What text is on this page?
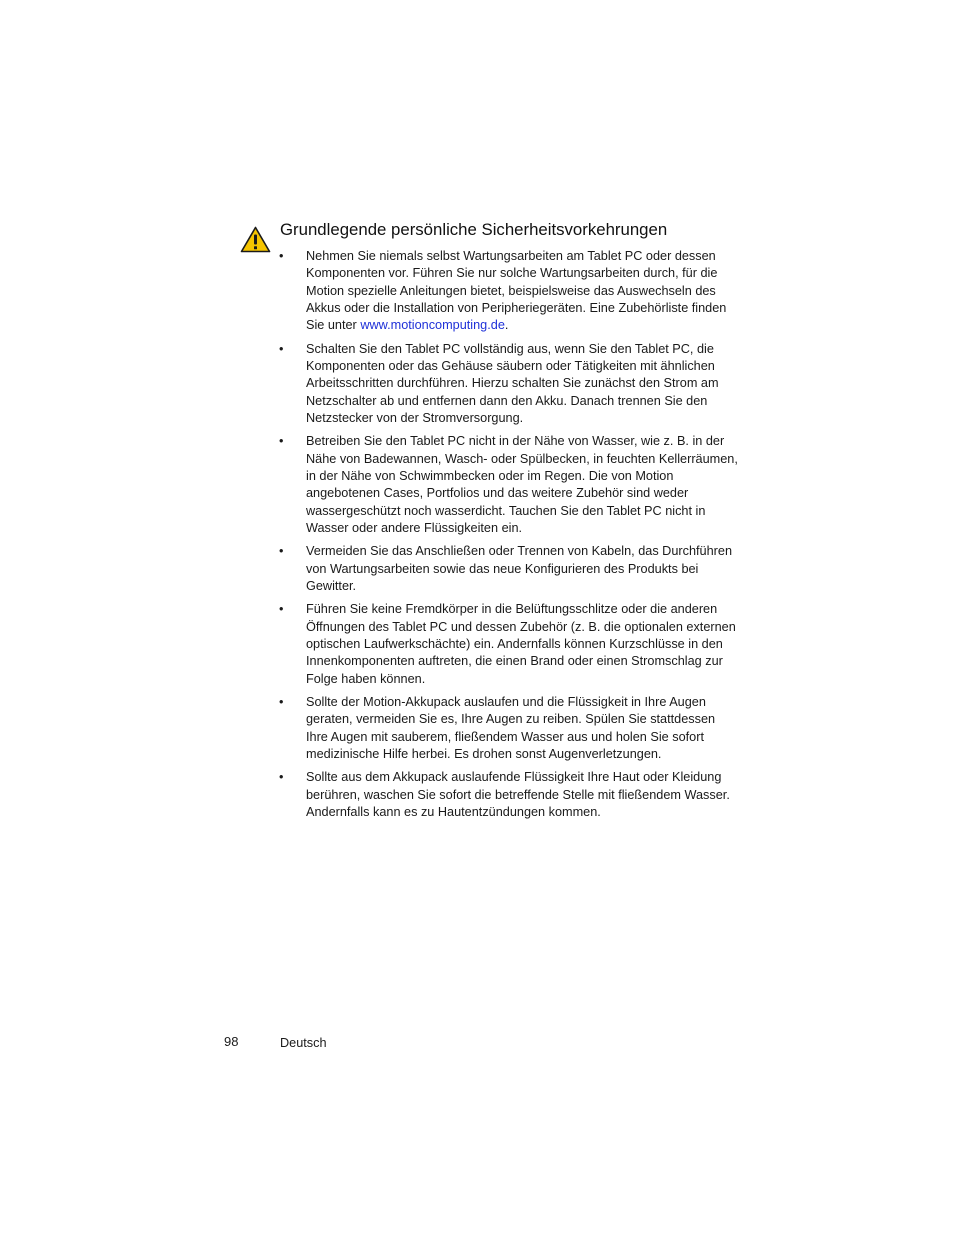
Grundlegende persönliche Sicherheitsvorkehrungen
• Nehmen Sie niemals selbst Wartungsarbeiten am Tablet PC oder dessen Komponenten vor. Führen Sie nur solche Wartungsarbeiten durch, für die Motion spezielle Anleitungen bietet, beispielsweise das Auswechseln des Akkus oder die Installation von Peripheriegeräten. Eine Zubehörliste finden Sie unter www.motioncomputing.de.
• Schalten Sie den Tablet PC vollständig aus, wenn Sie den Tablet PC, die Komponenten oder das Gehäuse säubern oder Tätigkeiten mit ähnlichen Arbeitsschritten durchführen. Hierzu schalten Sie zunächst den Strom am Netzschalter ab und entfernen dann den Akku. Danach trennen Sie den Netzstecker von der Stromversorgung.
• Betreiben Sie den Tablet PC nicht in der Nähe von Wasser, wie z. B. in der Nähe von Badewannen, Wasch- oder Spülbecken, in feuchten Kellerräumen, in der Nähe von Schwimmbecken oder im Regen. Die von Motion angebotenen Cases, Portfolios und das weitere Zubehör sind weder wassergeschützt noch wasserdicht. Tauchen Sie den Tablet PC nicht in Wasser oder andere Flüssigkeiten ein.
• Vermeiden Sie das Anschließen oder Trennen von Kabeln, das Durchführen von Wartungsarbeiten sowie das neue Konfigurieren des Produkts bei Gewitter.
• Führen Sie keine Fremdkörper in die Belüftungsschlitze oder die anderen Öffnungen des Tablet PC und dessen Zubehör (z. B. die optionalen externen optischen Laufwerkschächte) ein. Andernfalls können Kurzschlüsse in den Innenkomponenten auftreten, die einen Brand oder einen Stromschlag zur Folge haben können.
• Sollte der Motion-Akkupack auslaufen und die Flüssigkeit in Ihre Augen geraten, vermeiden Sie es, Ihre Augen zu reiben. Spülen Sie stattdessen Ihre Augen mit sauberem, fließendem Wasser aus und holen Sie sofort medizinische Hilfe herbei. Es drohen sonst Augenverletzungen.
• Sollte aus dem Akkupack auslaufende Flüssigkeit Ihre Haut oder Kleidung berühren, waschen Sie sofort die betreffende Stelle mit fließendem Wasser. Andernfalls kann es zu Hautentzündungen kommen.
98	Deutsch
